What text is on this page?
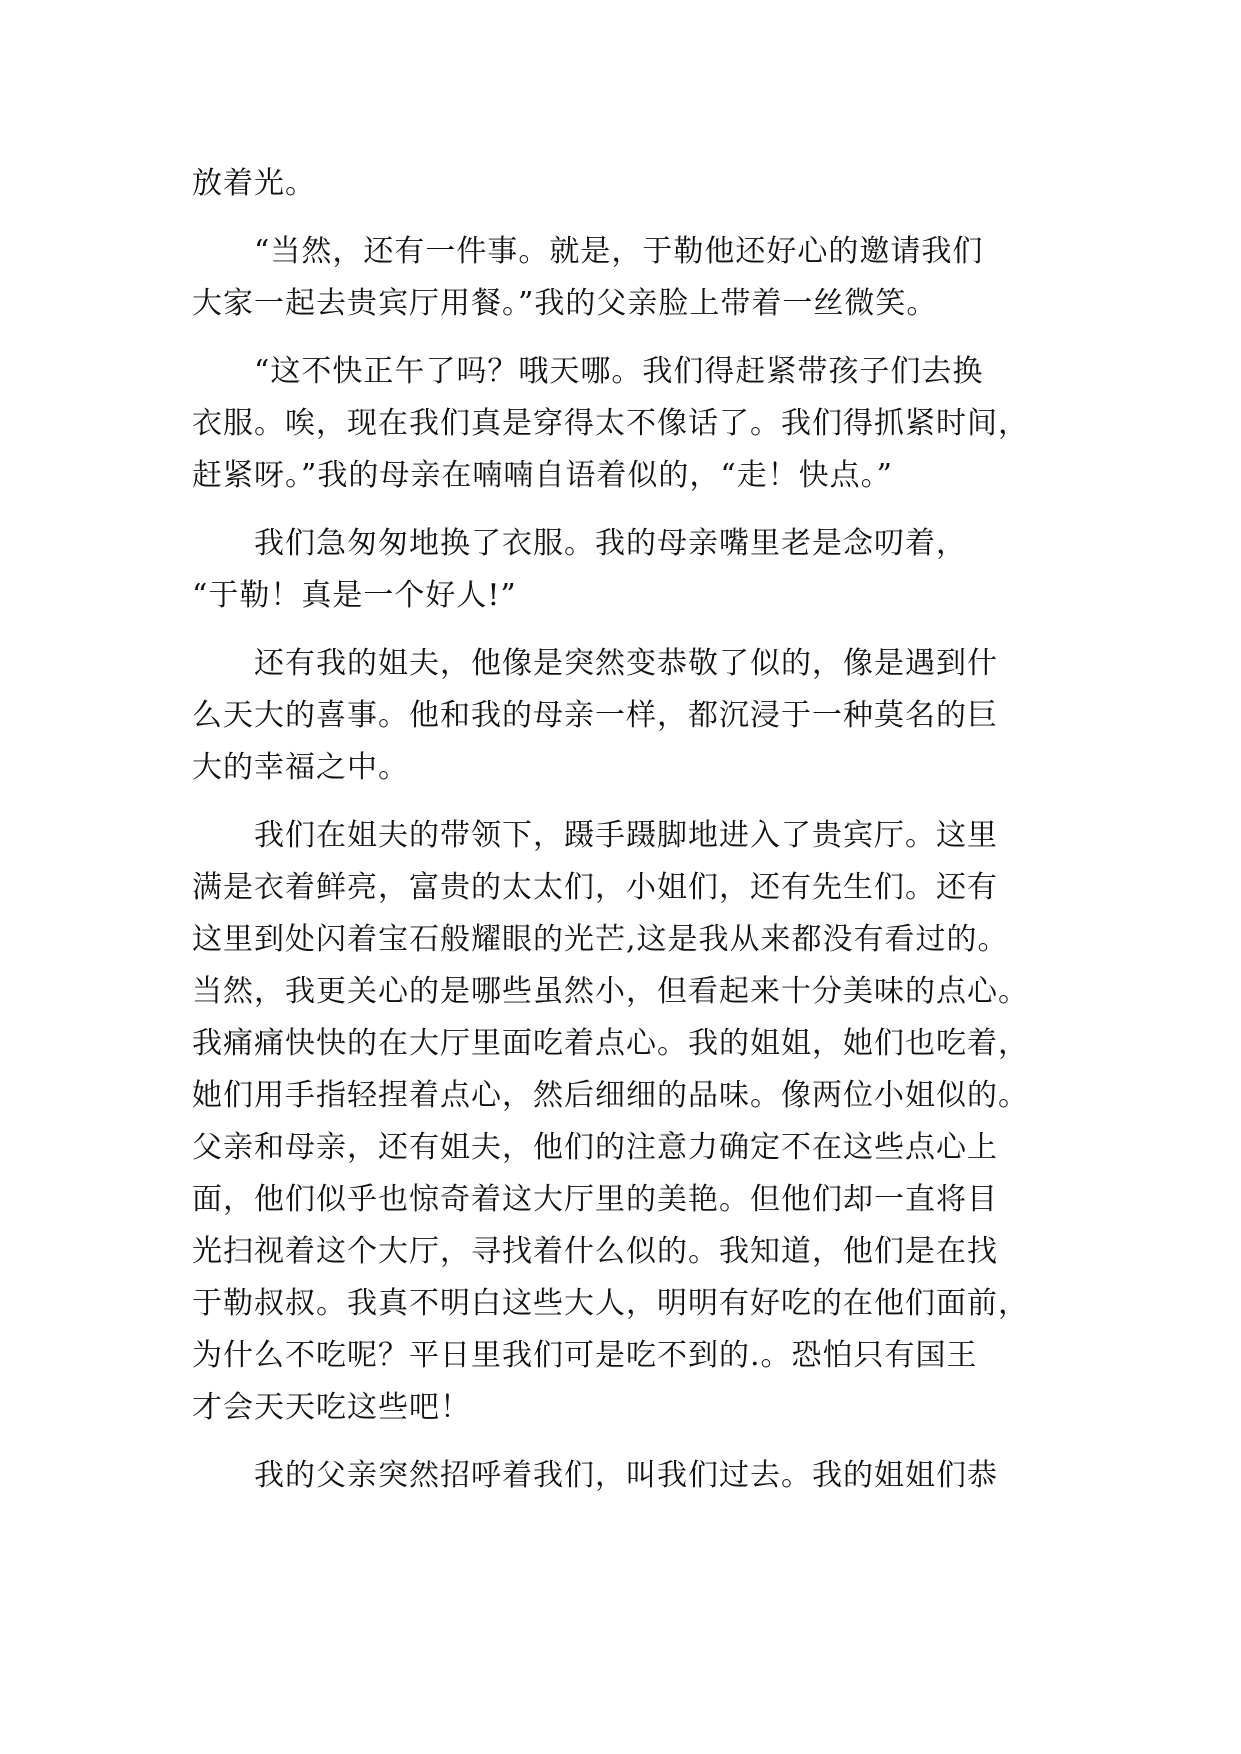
放着光。
“当然，还有一件事。就是，于勒他还好心的邀请我们
大家一起去贵宾厅用餐。”我的父亲脸上带着一丝微笑。
“这不快正午了吗？哦天哪。我们得赶紧带孩子们去换
衣服。唉，现在我们真是穿得太不像话了。我们得抓紧时间，
赶紧呀。”我的母亲在喃喃自语着似的，“走！快点。”
我们急匆匆地换了衣服。我的母亲嘴里老是念叨着，
“于勒！真是一个好人!”
还有我的姐夫，他像是突然变恭敬了似的，像是遇到什
么天大的喜事。他和我的母亲一样，都沉浸于一种莫名的巨
大的幸福之中。
我们在姐夫的带领下，蹑手蹑脚地进入了贵宾厅。这里
满是衣着鲜亮，富贵的太太们，小姐们，还有先生们。还有
这里到处闪着宝石般耀眼的光芒,这是我从来都没有看过的。
当然，我更关心的是哪些虽然小，但看起来十分美味的点心。
我痛痛快快的在大厅里面吃着点心。我的姐姐，她们也吃着，
她们用手指轻捏着点心，然后细细的品味。像两位小姐似的。
父亲和母亲，还有姐夫，他们的注意力确定不在这些点心上
面，他们似乎也惊奇着这大厅里的美艳。但他们却一直将目
光扫视着这个大厅，寻找着什么似的。我知道，他们是在找
于勒叔叔。我真不明白这些大人，明明有好吃的在他们面前，
为什么不吃呢？平日里我们可是吃不到的.。恐怕只有国王
才会天天吃这些吧！
我的父亲突然招呼着我们，叫我们过去。我的姐姐们恭
